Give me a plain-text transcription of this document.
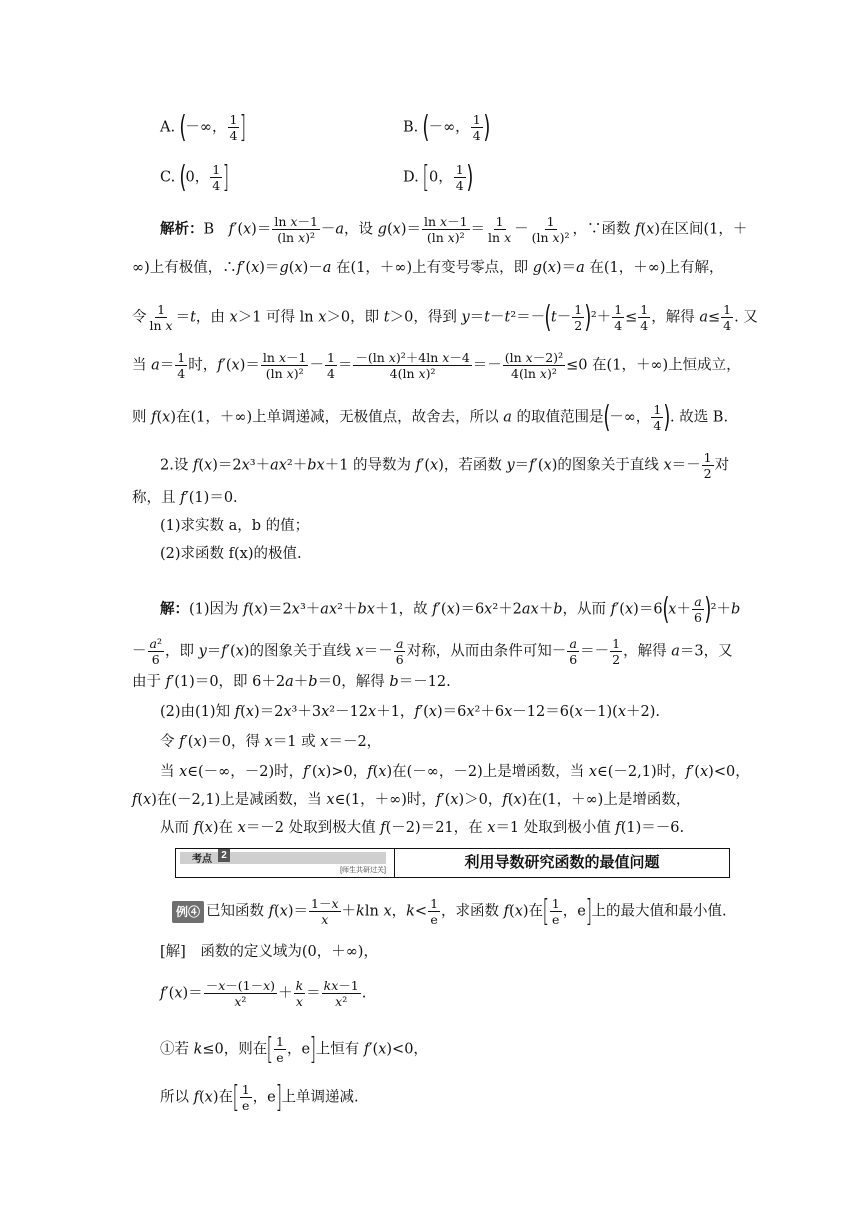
A. (－∞， $\frac{1}{4}$ ]	B. (－∞， $\frac{1}{4}$ )
C. (0， $\frac{1}{4}$ ]	D. [0， $\frac{1}{4}$ )
解析：B　 $f'(x)= \frac{\text{ln x－1}}{\text{(ln x)²}} -a$，设 $g(x)= \frac{\text{ln x－1}}{\text{(ln x)²}} = \frac{1}{\text{ln x}} - \frac{1}{\text{(ln x)²}}$ ，∵函数 f(x)在区间(1，＋
∞)上有极值，∴f′(x)＝g(x)－a 在(1，＋∞)上有变号零点，即 g(x)＝a 在(1，＋∞)上有解，
令 $\frac{1}{\text{ln x}} =t$，由 x＞1 可得 ln x＞0，即 t＞0，得到 $y=t-t^2=-(t- \frac{1}{2} )^2+ \frac{1}{4} \le \frac{1}{4}$ ，解得 $a\le \frac{1}{4}$ . 又
当 $a= \frac{1}{4}$ 时，$f'(x)= \frac{\text{ln x－1}}{\text{(ln x)²}} - \frac{1}{4} = \frac{\text{－(ln x)²＋4ln x－4}}{\text{4(ln x)²}} =- \frac{\text{(ln x－2)²}}{\text{4(ln x)²}} \le 0$ 在(1，＋∞)上恒成立，
则 f(x)在(1，＋∞)上单调递减，无极值点，故舍去，所以 a 的取值范围是(－∞， $\frac{1}{4}$ ). 故选 B.
2.设 f(x)＝2x³＋ax²＋bx＋1 的导数为 f′(x)，若函数 y＝f′(x)的图象关于直线 $x=- \frac{1}{2}$ 对
称，且 f′(1)＝0.
(1)求实数 a，b 的值；
(2)求函数 f(x)的极值.
解：(1)因为 f(x)＝2x³＋ax²＋bx＋1，故 f′(x)＝6x²＋2ax＋b，从而 $f'(x)=6(x+ \frac{a}{6} )^2+b$
－ $\frac{\text{a²}}{6}$ ，即 y＝f′(x)的图象关于直线 $x=- \frac{a}{6}$ 对称，从而由条件可知－ $\frac{a}{6} =- \frac{1}{2}$ ，解得 a＝3，又
由于 f′(1)＝0，即 6＋2a＋b＝0，解得 b＝－12.
(2)由(1)知 f(x)＝2x³＋3x²－12x＋1，f′(x)＝6x²＋6x－12＝6(x－1)(x＋2).
令 f′(x)＝0，得 x＝1 或 x＝－2，
当 x∈(－∞，－2)时，f′(x)>0，f(x)在(－∞，－2)上是增函数，当 x∈(－2,1)时，f′(x)<0，
f(x)在(－2,1)上是减函数，当 x∈(1，＋∞)时，f′(x)＞0，f(x)在(1，＋∞)上是增函数，
从而 f(x)在 x＝－2 处取到极大值 f(－2)＝21，在 x＝1 处取到极小值 f(1)＝－6.
考点 2
[师生共研过关]	利用导数研究函数的最值问题
例④ 已知函数 $f(x)= \frac{1-x}{x} +kln$ x，$k< \frac{1}{e}$ ，求函数 f(x)在[ $\frac{1}{e}$ ，e]上的最大值和最小值.
[解]　 函数的定义域为(0，＋∞)，
$f'(x)= \frac{-x-(1-x)}{\text{x²}} + \frac{k}{x} = \frac{kx-1}{\text{x²}}$ .
①若 k≤0，则在[ $\frac{1}{e}$ ，e]上恒有 f′(x)<0，
所以 f(x)在[ $\frac{1}{e}$ ，e]上单调递减.
